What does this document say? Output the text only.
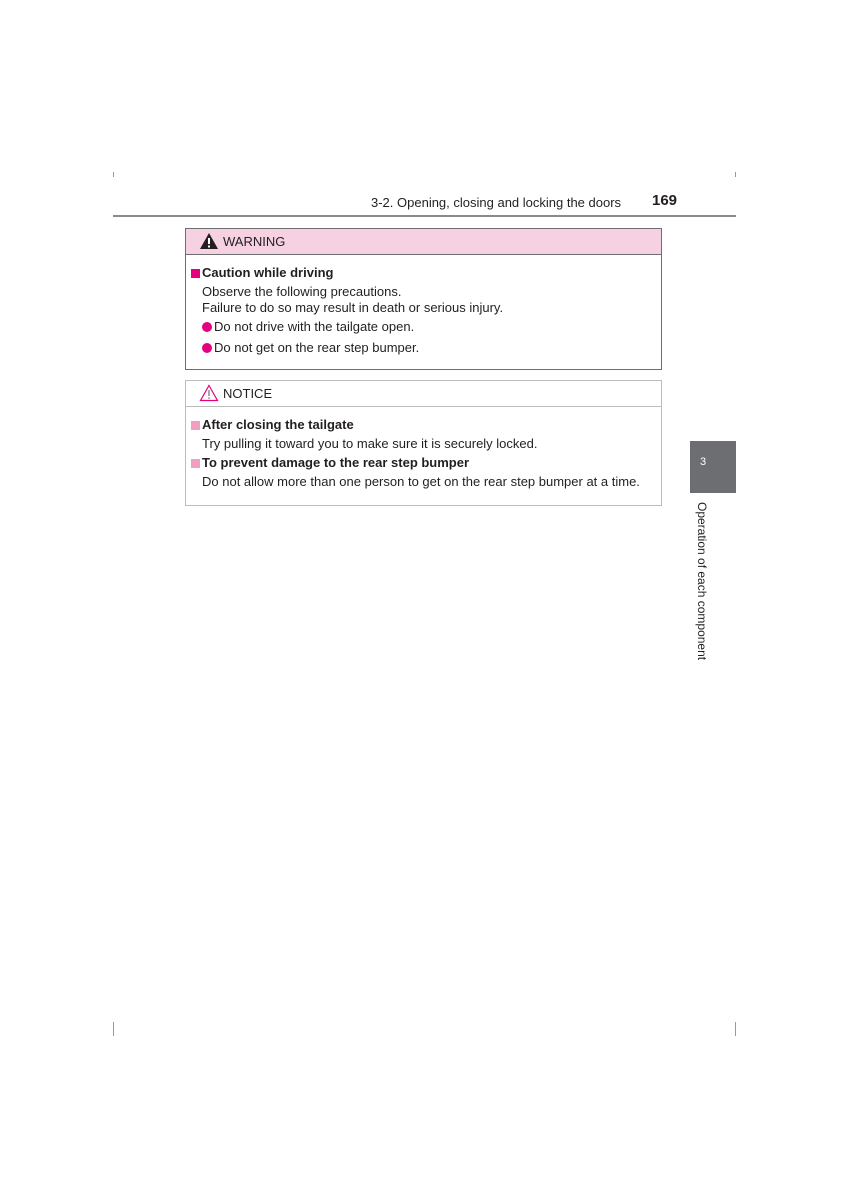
3-2. Opening, closing and locking the doors 169
WARNING
Caution while driving
Observe the following precautions.
Failure to do so may result in death or serious injury.
Do not drive with the tailgate open.
Do not get on the rear step bumper.
NOTICE
After closing the tailgate
Try pulling it toward you to make sure it is securely locked.
To prevent damage to the rear step bumper
Do not allow more than one person to get on the rear step bumper at a time.
3
Operation of each component
